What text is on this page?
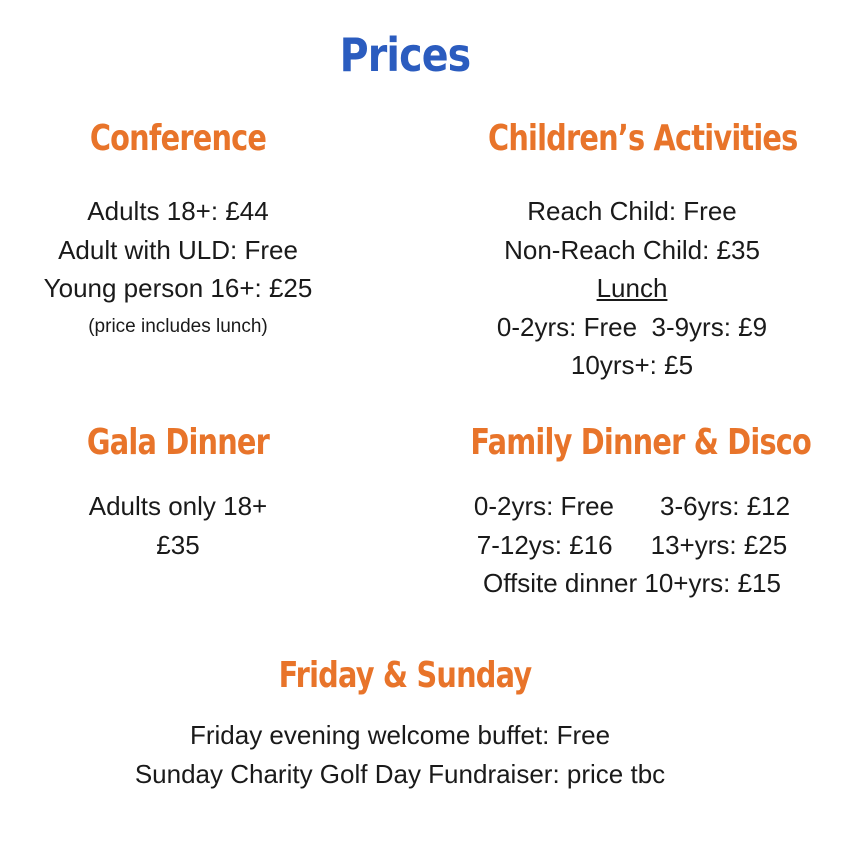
Prices
Conference
Adults 18+: £44
Adult with ULD: Free
Young person 16+: £25
(price includes lunch)
Children’s Activities
Reach Child: Free
Non-Reach Child: £35
Lunch
0-2yrs: Free  3-9yrs: £9
10yrs+: £5
Gala Dinner
Adults only 18+
£35
Family Dinner & Disco
0-2yrs: Free 3-6yrs: £12
7-12ys: £16 13+yrs: £25
Offsite dinner 10+yrs: £15
Friday & Sunday
Friday evening welcome buffet: Free
Sunday Charity Golf Day Fundraiser: price tbc
